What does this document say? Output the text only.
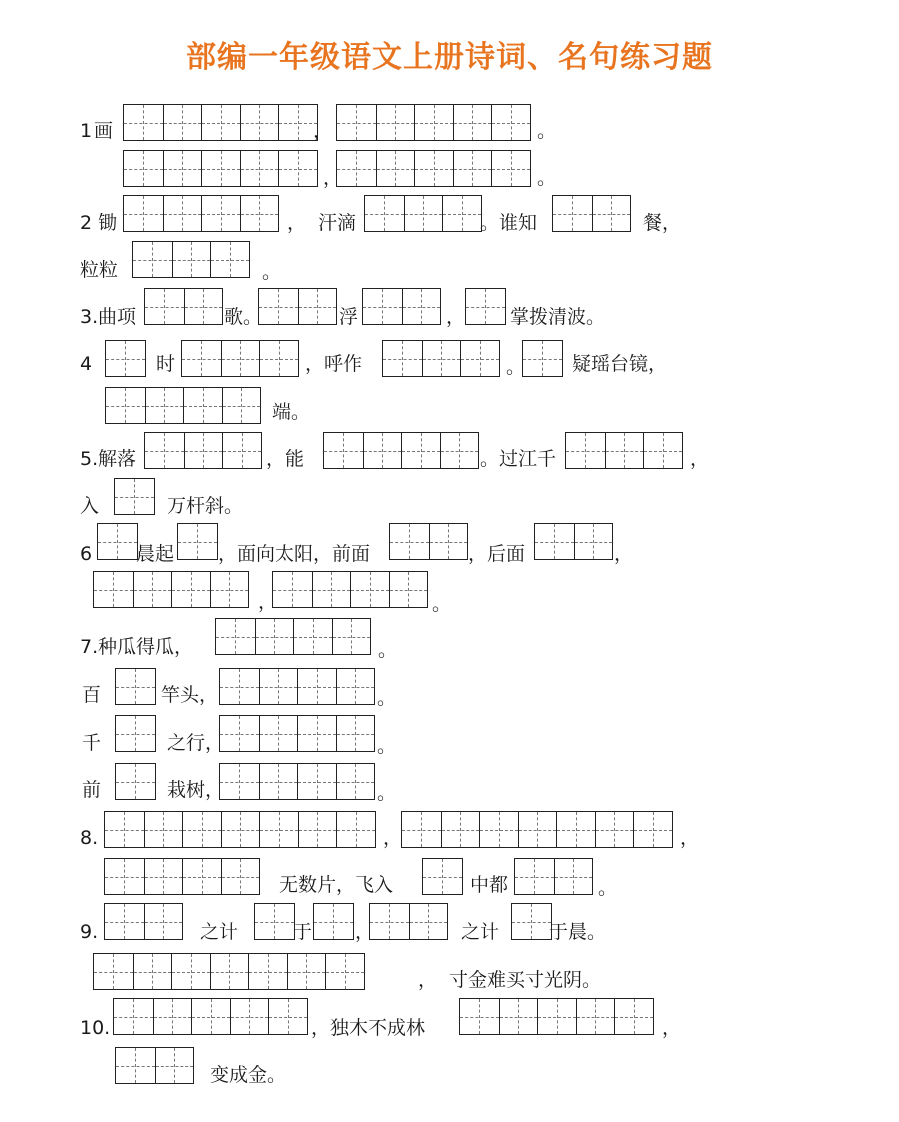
部编一年级语文上册诗词、名句练习题
1 画	，	。
，	。
2 锄	， 汗滴	。谁知	餐，
粒粒	。
3. 曲项	歌。	浮	， 掌拨清波。
4	时	，呼作	。 疑瑶台镜，
端。
5. 解落	，能	。过江千	，
入	万杆斜。
6 晨起 ，面向太阳，前面	，后面	，
，	。
7. 种瓜得瓜，	。
百	竿头，	。
千	之行，	。
前	栽树，	。
8.	，	，
无数片，飞入	中都	。
9.	之计	于 ，	之计	于晨。
， 寸金难买寸光阴。
10.	，独木不成林	，
变成金。
